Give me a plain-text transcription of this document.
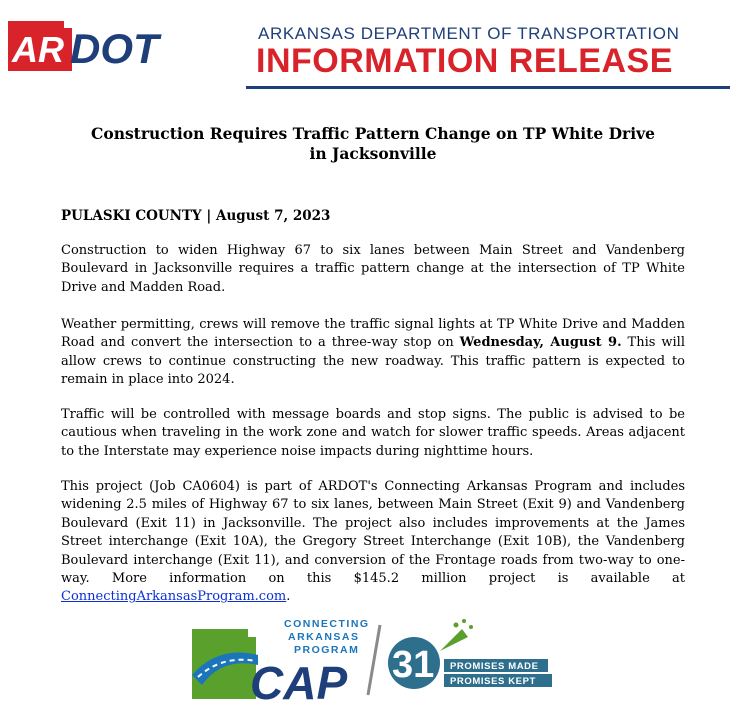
AR DOT	ARKANSAS DEPARTMENT OF TRANSPORTATION
INFORMATION RELEASE
Construction Requires Traffic Pattern Change on TP White Drive
in Jacksonville
PULASKI COUNTY | August 7, 2023
Construction to widen Highway 67 to six lanes between Main Street and Vandenberg Boulevard in Jacksonville requires a traffic pattern change at the intersection of TP White Drive and Madden Road.
Weather permitting, crews will remove the traffic signal lights at TP White Drive and Madden Road and convert the intersection to a three-way stop on Wednesday, August 9. This will allow crews to continue constructing the new roadway. This traffic pattern is expected to remain in place into 2024.
Traffic will be controlled with message boards and stop signs. The public is advised to be cautious when traveling in the work zone and watch for slower traffic speeds. Areas adjacent to the Interstate may experience noise impacts during nighttime hours.
This project (Job CA0604) is part of ARDOT's Connecting Arkansas Program and includes widening 2.5 miles of Highway 67 to six lanes, between Main Street (Exit 9) and Vandenberg Boulevard (Exit 11) in Jacksonville. The project also includes improvements at the James Street interchange (Exit 10A), the Gregory Street Interchange (Exit 10B), the Vandenberg Boulevard interchange (Exit 11), and conversion of the Frontage roads from two-way to one-way. More information on this $145.2 million project is available at ConnectingArkansasProgram.com.
CONNECTING
ARKANSAS
PROGRAM
CAP 31 PROMISES MADE
PROMISES KEPT
